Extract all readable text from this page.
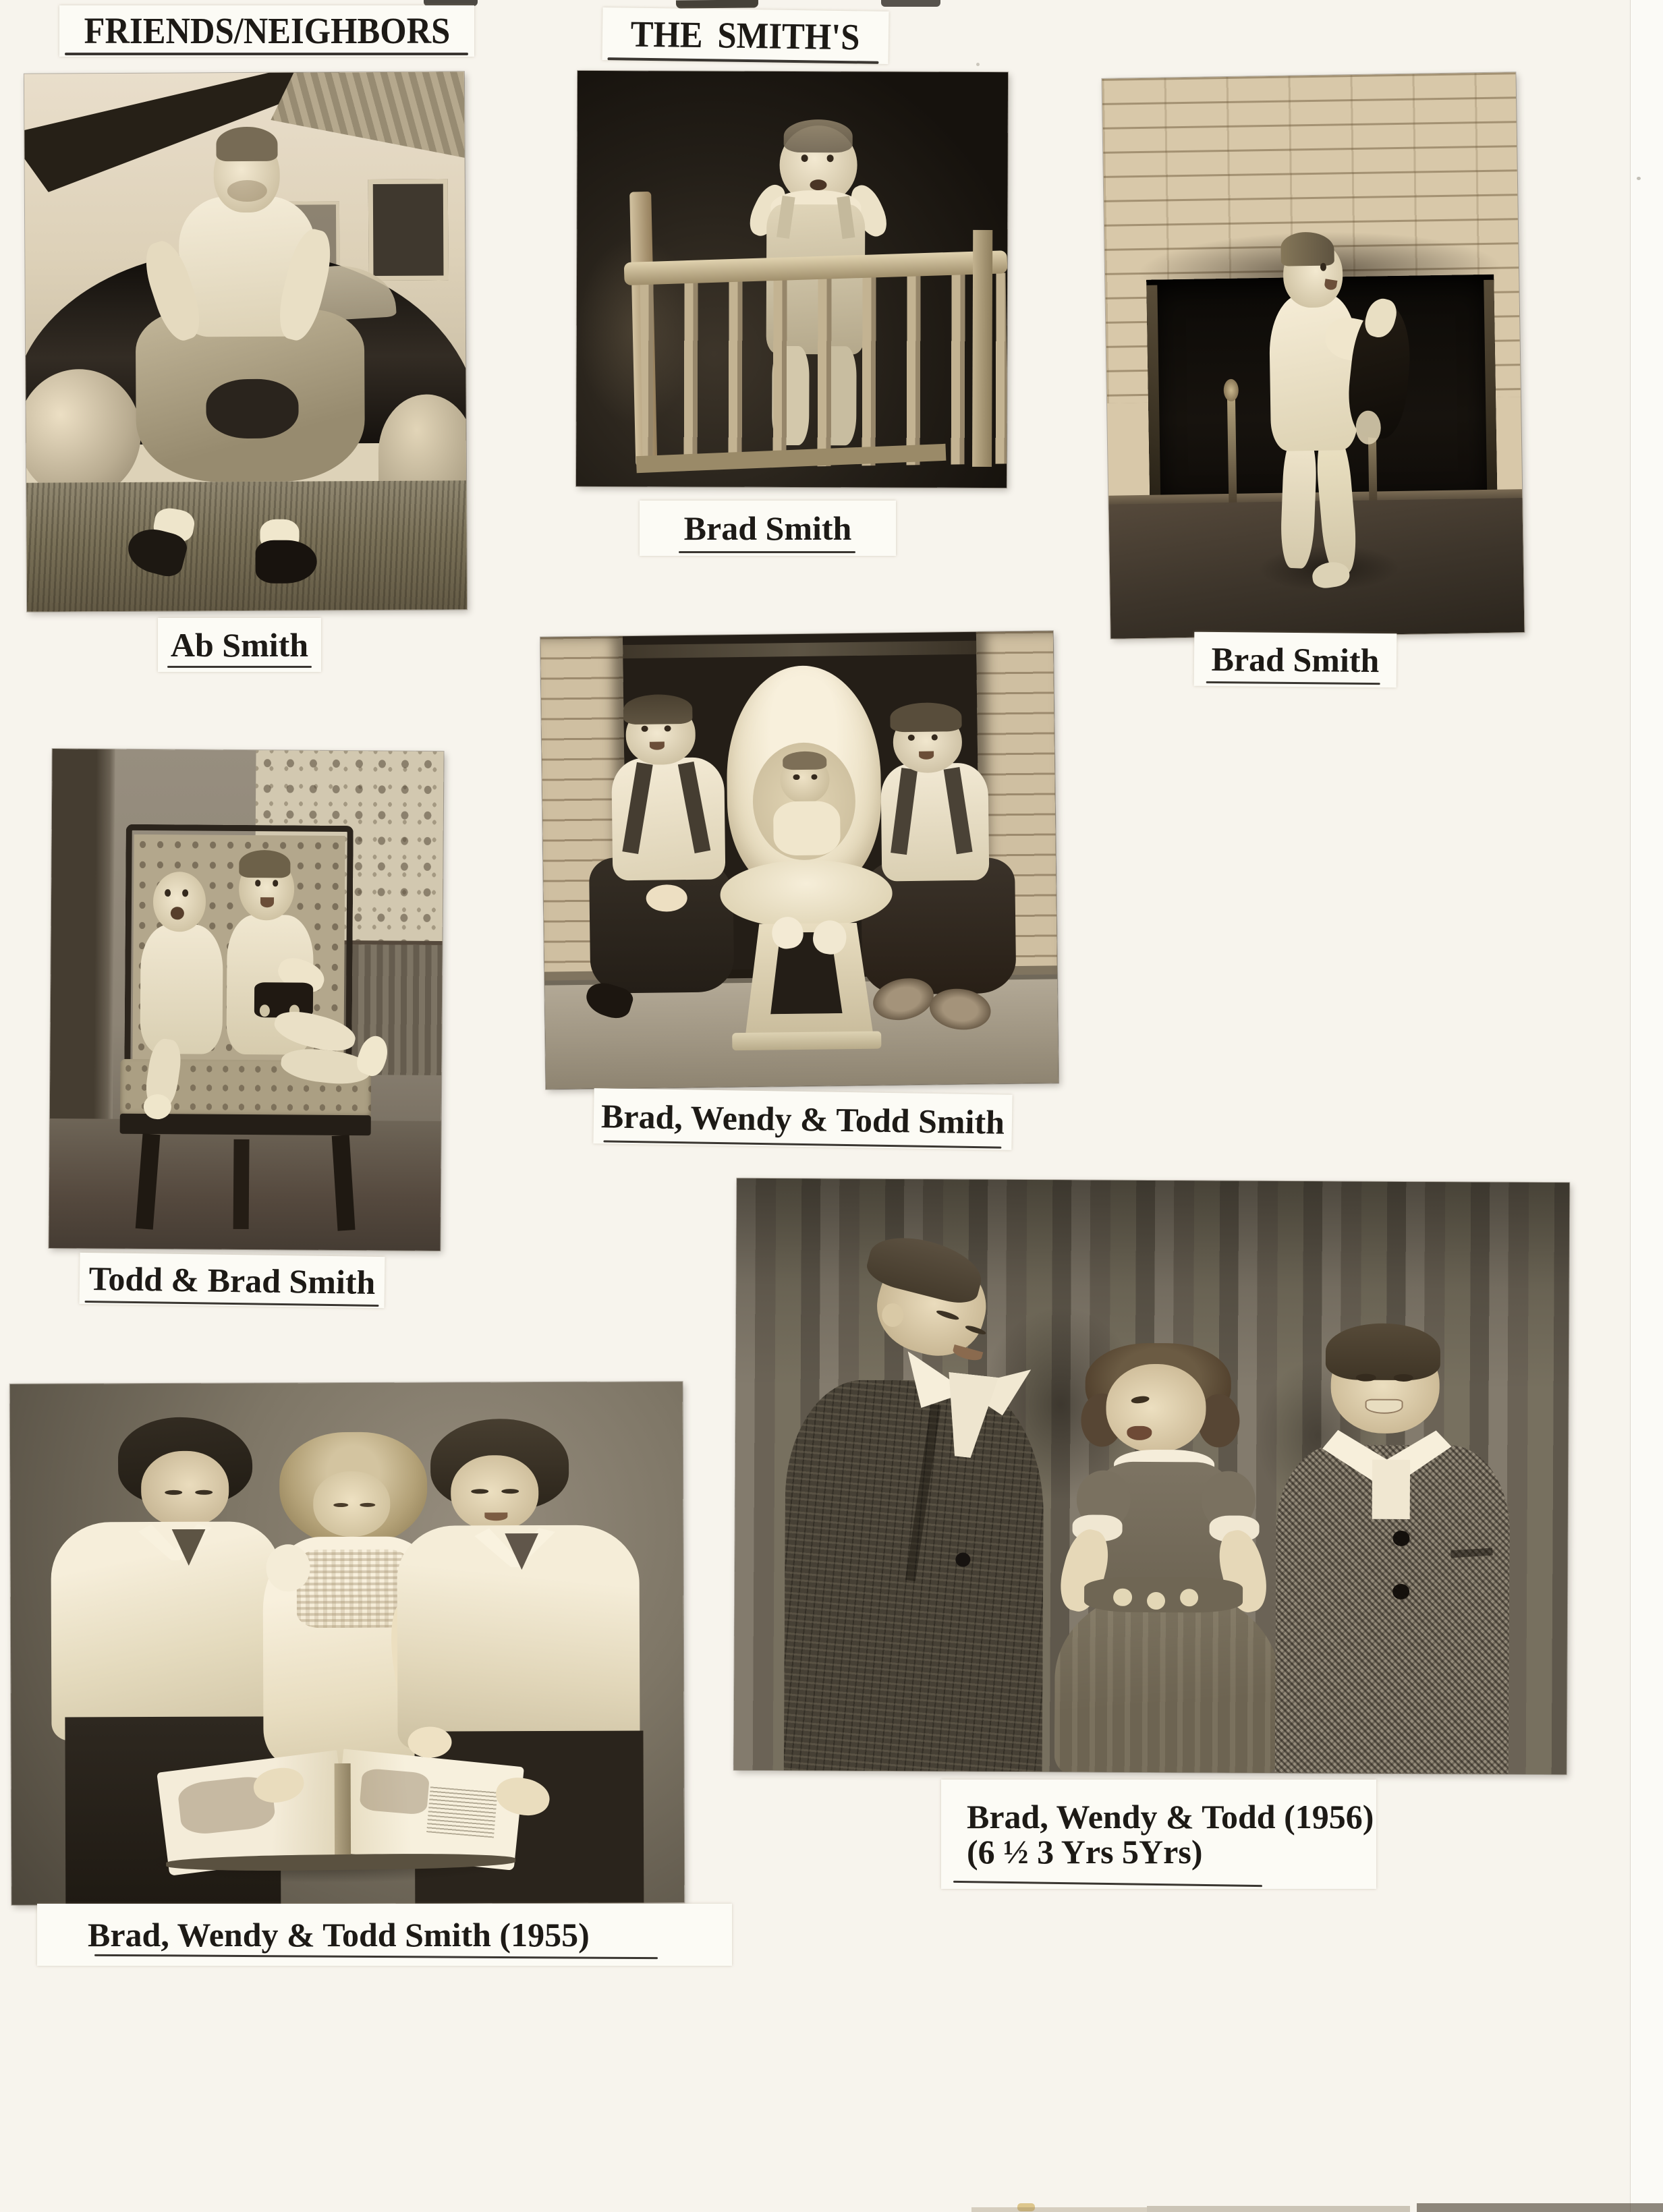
FRIENDS/NEIGHBORS	THE SMITH'S
Ab Smith
Brad Smith
Brad Smith
Todd & Brad Smith
Brad, Wendy & Todd Smith
Brad, Wendy & Todd Smith (1955)
Brad, Wendy & Todd (1956)
(6 ½ 3 Yrs 5Yrs)
